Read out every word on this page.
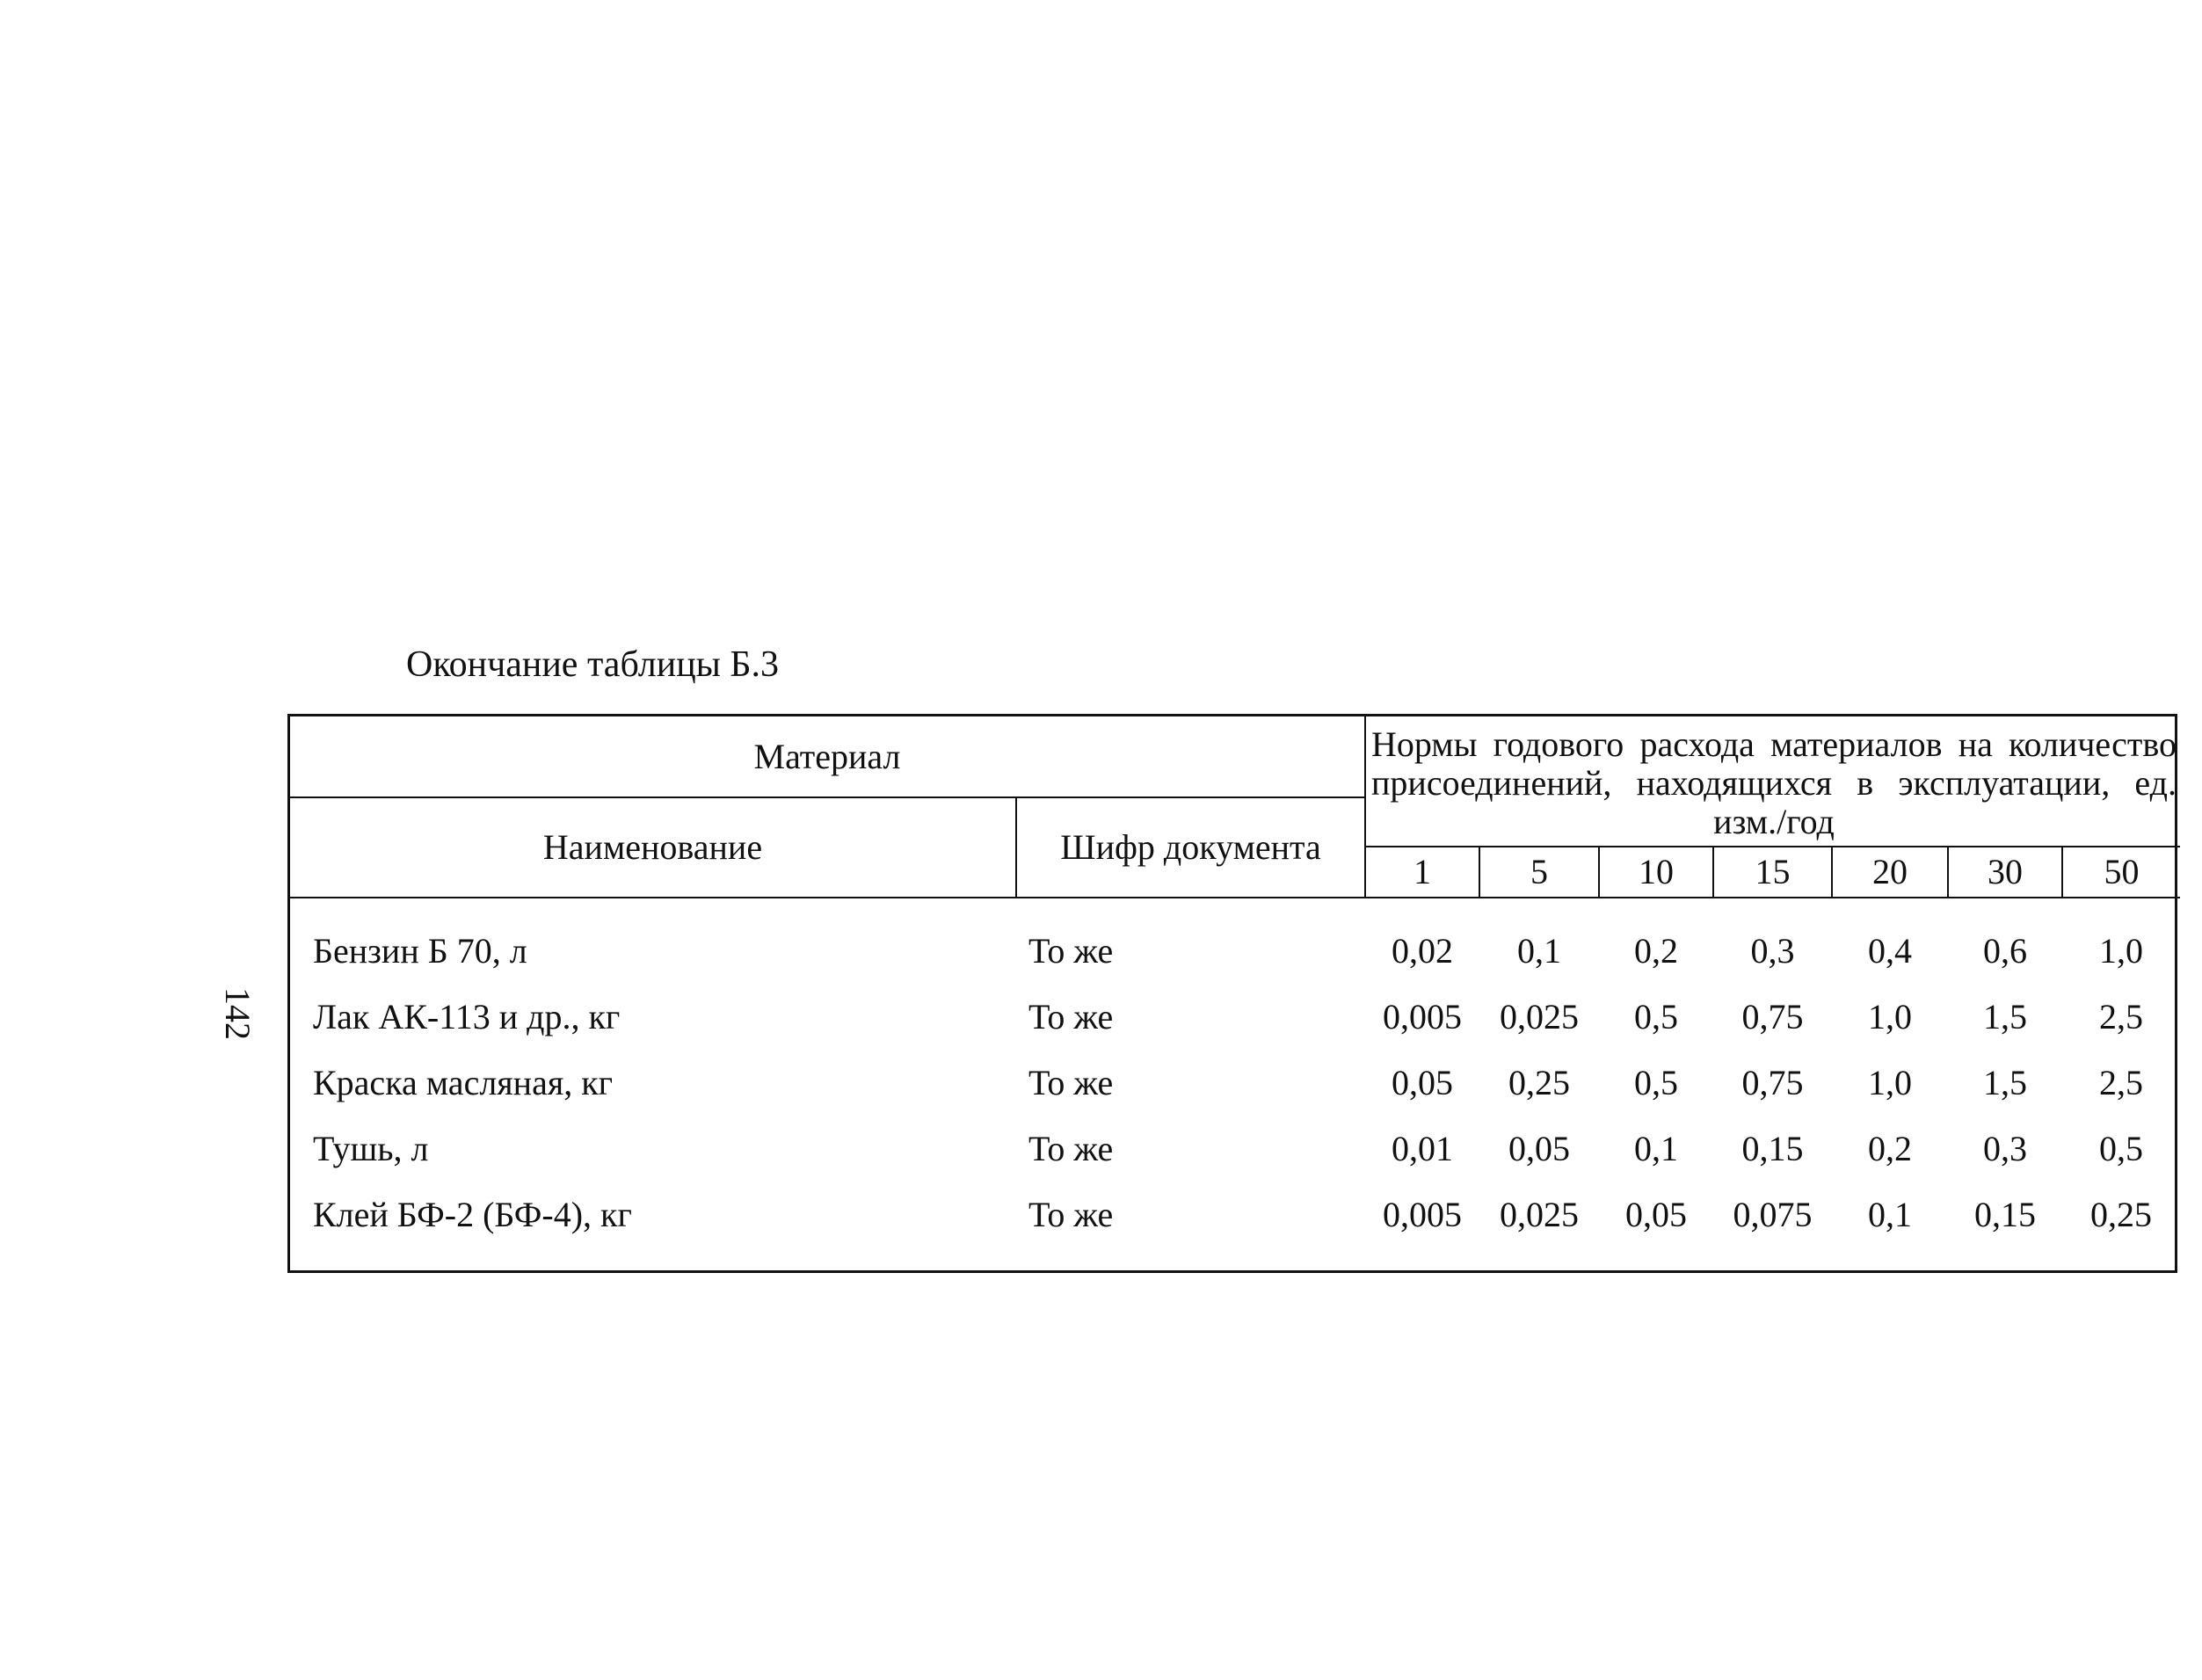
Окончание таблицы Б.3
142
Материал		Нормы годового расхода материалов на количество присоединений, находящихся в эксплуатации, ед. изм./год						
Наименование	Шифр документа							
		1	5	10	15	20	30	50

Бензин Б 70, л	То же	0,02	0,1	0,2	0,3	0,4	0,6	1,0
Лак АК-113 и др., кг	То же	0,005	0,025	0,5	0,75	1,0	1,5	2,5
Краска масляная, кг	То же	0,05	0,25	0,5	0,75	1,0	1,5	2,5
Тушь, л	То же	0,01	0,05	0,1	0,15	0,2	0,3	0,5
Клей БФ-2 (БФ-4), кг	То же	0,005	0,025	0,05	0,075	0,1	0,15	0,25
